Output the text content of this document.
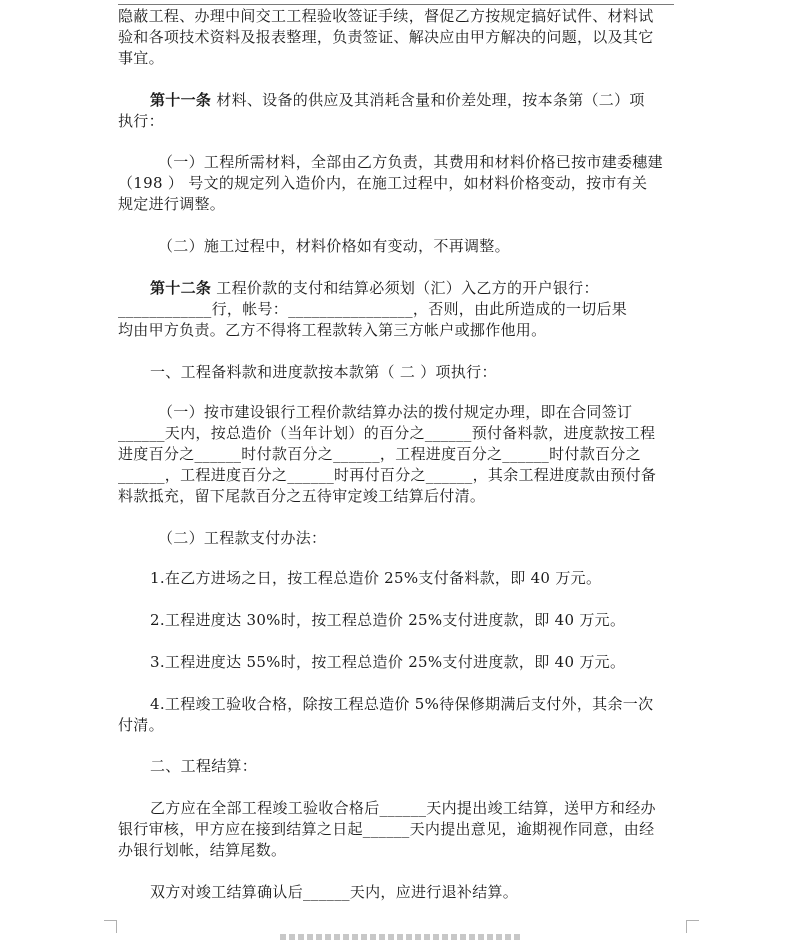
隐蔽工程、办理中间交工工程验收签证手续，督促乙方按规定搞好试件、材料试
验和各项技术资料及报表整理，负责签证、解决应由甲方解决的问题，以及其它
事宜。
第十一条 材料、设备的供应及其消耗含量和价差处理，按本条第（二）项
执行：
（一）工程所需材料，全部由乙方负责，其费用和材料价格已按市建委穗建
（198 ） 号文的规定列入造价内，在施工过程中，如材料价格变动，按市有关
规定进行调整。
（二）施工过程中，材料价格如有变动，不再调整。
第十二条 工程价款的支付和结算必须划（汇）入乙方的开户银行：
____________行，帐号：________________，否则，由此所造成的一切后果
均由甲方负责。乙方不得将工程款转入第三方帐户或挪作他用。
一、工程备料款和进度款按本款第（ 二 ）项执行：
（一）按市建设银行工程价款结算办法的拨付规定办理，即在合同签订
______天内，按总造价（当年计划）的百分之______预付备料款，进度款按工程
进度百分之______时付款百分之______，工程进度百分之______时付款百分之
______，工程进度百分之______时再付百分之______，其余工程进度款由预付备
料款抵充，留下尾款百分之五待审定竣工结算后付清。
（二）工程款支付办法：
1.在乙方进场之日，按工程总造价 25%支付备料款，即 40 万元。
2.工程进度达 30%时，按工程总造价 25%支付进度款，即 40 万元。
3.工程进度达 55%时，按工程总造价 25%支付进度款，即 40 万元。
4.工程竣工验收合格，除按工程总造价 5%待保修期满后支付外，其余一次
付清。
二、工程结算：
乙方应在全部工程竣工验收合格后______天内提出竣工结算，送甲方和经办
银行审核，甲方应在接到结算之日起______天内提出意见，逾期视作同意，由经
办银行划帐，结算尾数。
双方对竣工结算确认后______天内，应进行退补结算。
